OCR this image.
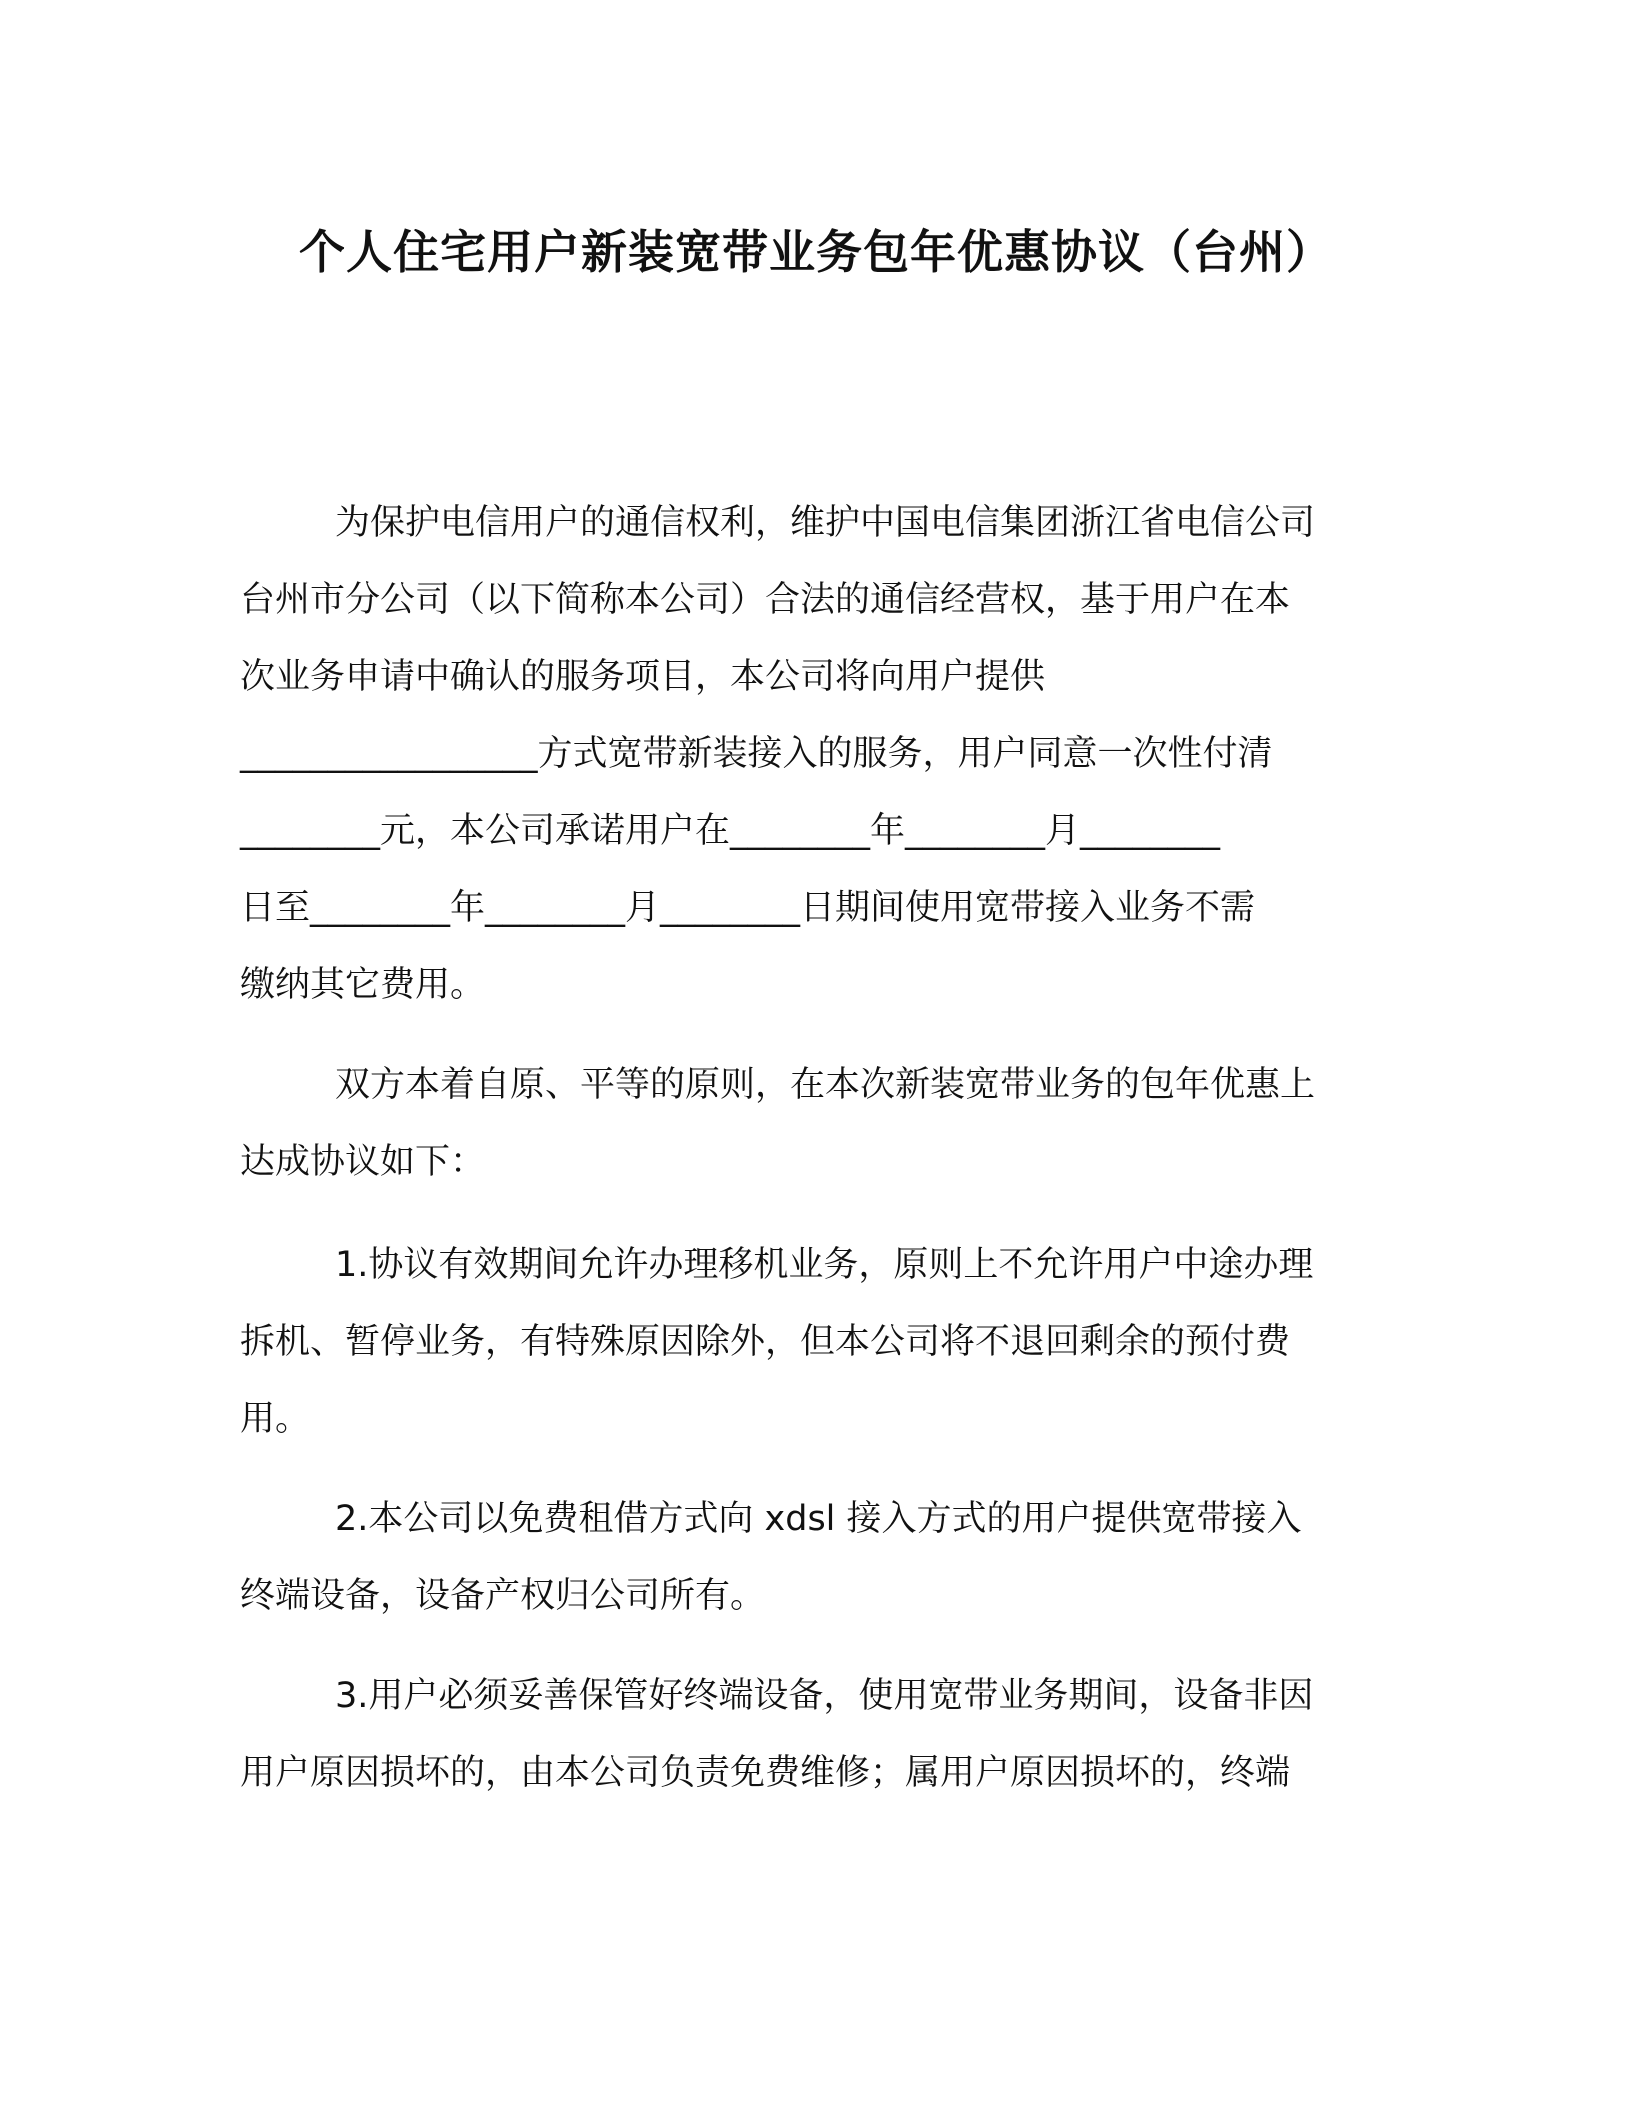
个人住宅用户新装宽带业务包年优惠协议（台州）
为保护电信用户的通信权利，维护中国电信集团浙江省电信公司
台州市分公司（以下简称本公司）合法的通信经营权，基于用户在本
次业务申请中确认的服务项目，本公司将向用户提供
_________________方式宽带新装接入的服务，用户同意一次性付清
________元，本公司承诺用户在________年________月________
日至________年________月________日期间使用宽带接入业务不需
缴纳其它费用。
双方本着自原、平等的原则，在本次新装宽带业务的包年优惠上
达成协议如下：
1.协议有效期间允许办理移机业务，原则上不允许用户中途办理
拆机、暂停业务，有特殊原因除外，但本公司将不退回剩余的预付费
用。
2.本公司以免费租借方式向 xdsl 接入方式的用户提供宽带接入
终端设备，设备产权归公司所有。
3.用户必须妥善保管好终端设备，使用宽带业务期间，设备非因
用户原因损坏的，由本公司负责免费维修；属用户原因损坏的，终端
